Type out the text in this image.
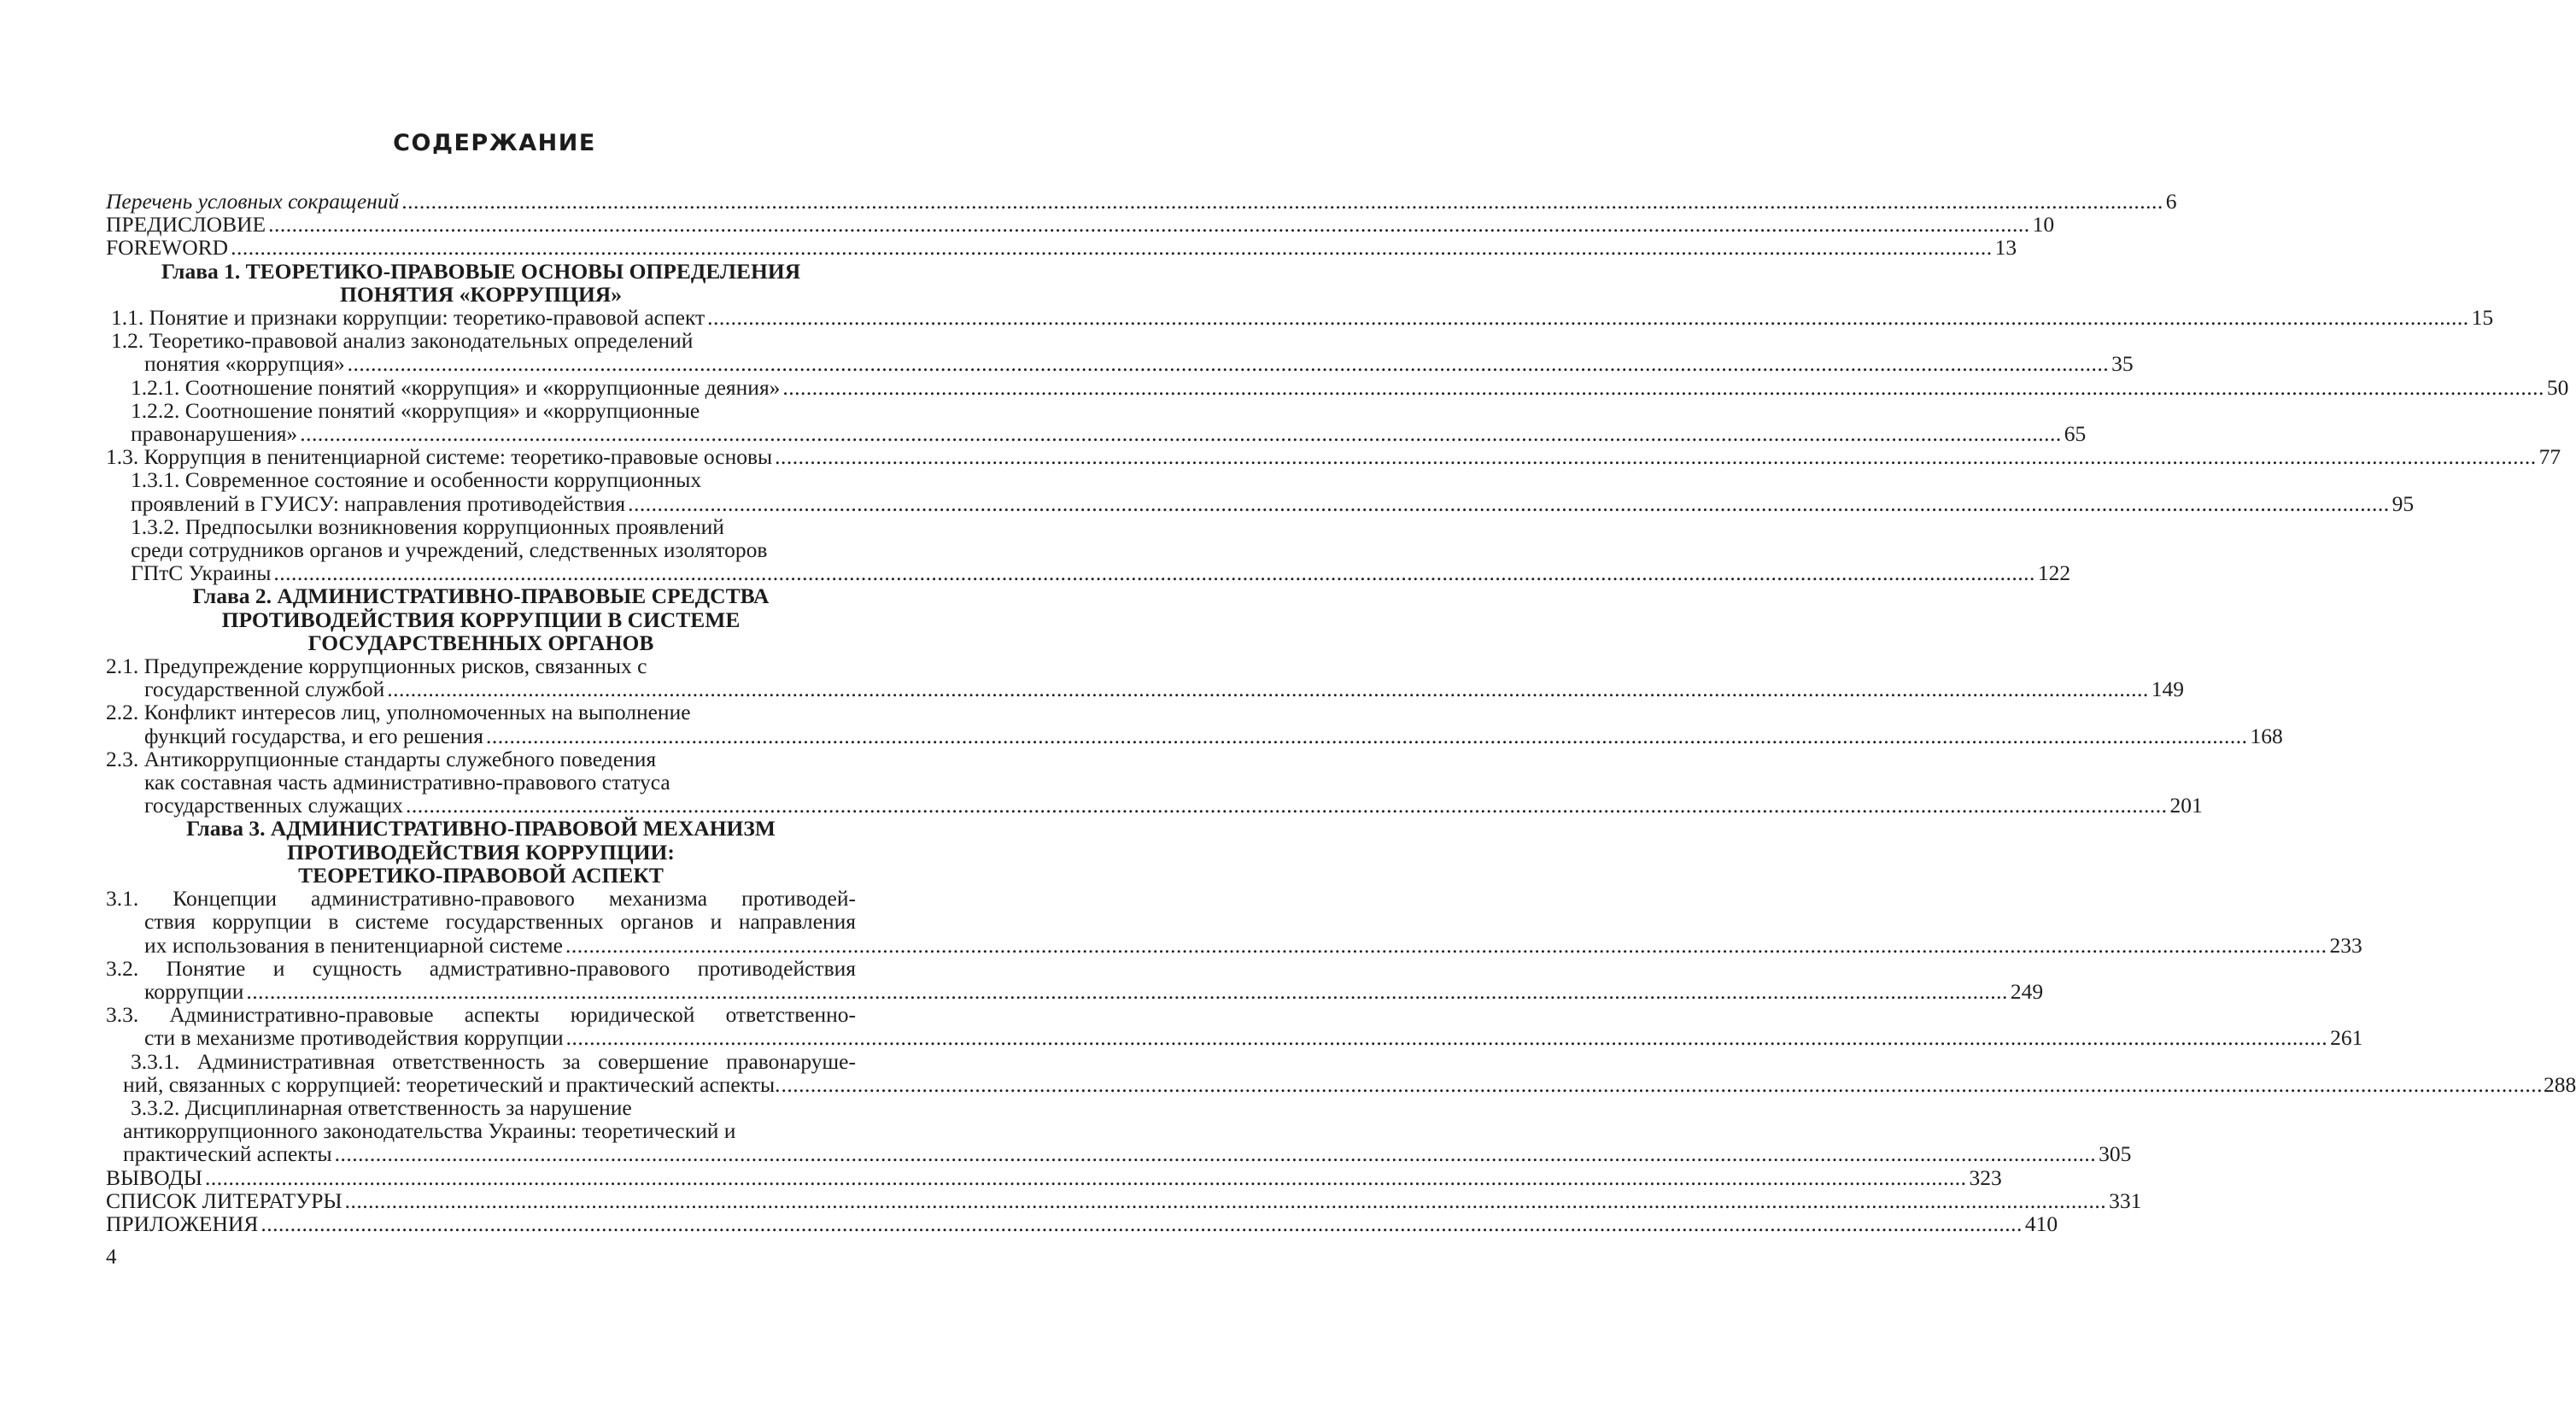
СОДЕРЖАНИЕ
Перечень условных сокращений ............................................................................................................................................................................................................................................................................................................ 6
ПРЕДИСЛОВИЕ ............................................................................................................................................................................................................................................................................................................ 10
FOREWORD ............................................................................................................................................................................................................................................................................................................ 13
Глава 1. ТЕОРЕТИКО-ПРАВОВЫЕ ОСНОВЫ ОПРЕДЕЛЕНИЯ
ПОНЯТИЯ «КОРРУПЦИЯ»
1.1. Понятие и признаки коррупции: теоретико-правовой аспект ............................................................................................................................................................................................................................................................................................................ 15
1.2. Теоретико-правовой анализ законодательных определений
понятия «коррупция» ............................................................................................................................................................................................................................................................................................................ 35
1.2.1. Соотношение понятий «коррупция» и «коррупционные деяния» ............................................................................................................................................................................................................................................................................................................ 50
1.2.2. Соотношение понятий «коррупция» и «коррупционные
правонарушения» ............................................................................................................................................................................................................................................................................................................ 65
1.3. Коррупция в пенитенциарной системе: теоретико-правовые основы ............................................................................................................................................................................................................................................................................................................ 77
1.3.1. Современное состояние и особенности коррупционных
проявлений в ГУИСУ: направления противодействия ............................................................................................................................................................................................................................................................................................................ 95
1.3.2. Предпосылки возникновения коррупционных проявлений
среди сотрудников органов и учреждений, следственных изоляторов
ГПтС Украины ............................................................................................................................................................................................................................................................................................................ 122
Глава 2. АДМИНИСТРАТИВНО-ПРАВОВЫЕ СРЕДСТВА
ПРОТИВОДЕЙСТВИЯ КОРРУПЦИИ В СИСТЕМЕ
ГОСУДАРСТВЕННЫХ ОРГАНОВ
2.1. Предупреждение коррупционных рисков, связанных с
государственной службой ............................................................................................................................................................................................................................................................................................................ 149
2.2. Конфликт интересов лиц, уполномоченных на выполнение
функций государства, и его решения ............................................................................................................................................................................................................................................................................................................ 168
2.3. Антикоррупционные стандарты служебного поведения
как составная часть административно-правового статуса
государственных служащих ............................................................................................................................................................................................................................................................................................................ 201
Глава 3. АДМИНИСТРАТИВНО-ПРАВОВОЙ МЕХАНИЗМ
ПРОТИВОДЕЙСТВИЯ КОРРУПЦИИ:
ТЕОРЕТИКО-ПРАВОВОЙ АСПЕКТ
3.1. Концепции административно-правового механизма противодей-
ствия коррупции в системе государственных органов и направления
их использования в пенитенциарной системе ............................................................................................................................................................................................................................................................................................................ 233
3.2. Понятие и сущность адмистративно-правового противодействия
коррупции ............................................................................................................................................................................................................................................................................................................ 249
3.3. Административно-правовые аспекты юридической ответственно-
сти в механизме противодействия коррупции ............................................................................................................................................................................................................................................................................................................ 261
3.3.1. Административная ответственность за совершение правонаруше-
ний, связанных с коррупцией: теоретический и практический аспекты. ............................................................................................................................................................................................................................................................................................................ 288
3.3.2. Дисциплинарная ответственность за нарушение
антикоррупционного законодательства Украины: теоретический и
практический аспекты ............................................................................................................................................................................................................................................................................................................ 305
ВЫВОДЫ ............................................................................................................................................................................................................................................................................................................ 323
СПИСОК ЛИТЕРАТУРЫ ............................................................................................................................................................................................................................................................................................................ 331
ПРИЛОЖЕНИЯ ............................................................................................................................................................................................................................................................................................................ 410
4
